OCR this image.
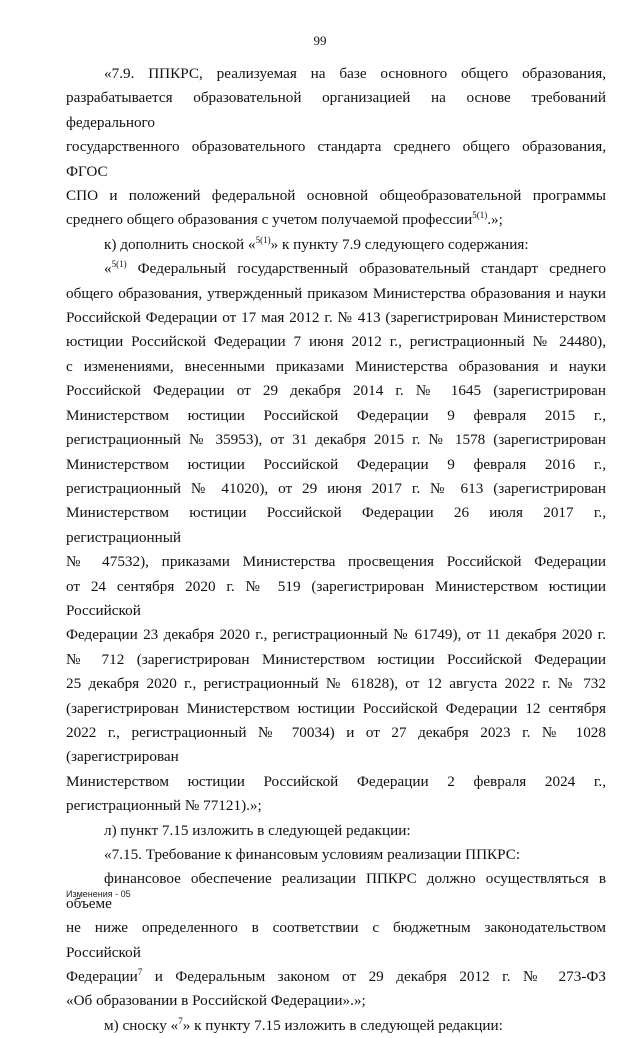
99

«7.9. ППКРС, реализуемая на базе основного общего образования,

разрабатывается образовательной организацией на основе требований федерального

государственного образовательного стандарта среднего общего образования, ФГОС

СПО и положений федеральной основной общеобразовательной программы

среднего общего образования с учетом получаемой профессии$^{5(1)}$.»;

к) дополнить сноской «$^{5(1)}$» к пункту 7.9 следующего содержания:

«$^{5(1)}$ Федеральный государственный образовательный стандарт среднего

общего образования, утвержденный приказом Министерства образования и науки

Российской Федерации от 17 мая 2012 г. № 413 (зарегистрирован Министерством

юстиции Российской Федерации 7 июня 2012 г., регистрационный № 24480),

с изменениями, внесенными приказами Министерства образования и науки

Российской Федерации от 29 декабря 2014 г. № 1645 (зарегистрирован

Министерством юстиции Российской Федерации 9 февраля 2015 г.,

регистрационный № 35953), от 31 декабря 2015 г. № 1578 (зарегистрирован

Министерством юстиции Российской Федерации 9 февраля 2016 г.,

регистрационный № 41020), от 29 июня 2017 г. № 613 (зарегистрирован

Министерством юстиции Российской Федерации 26 июля 2017 г., регистрационный

№ 47532), приказами Министерства просвещения Российской Федерации

от 24 сентября 2020 г. № 519 (зарегистрирован Министерством юстиции Российской

Федерации 23 декабря 2020 г., регистрационный № 61749), от 11 декабря 2020 г.

№ 712 (зарегистрирован Министерством юстиции Российской Федерации

25 декабря 2020 г., регистрационный № 61828), от 12 августа 2022 г. № 732

(зарегистрирован Министерством юстиции Российской Федерации 12 сентября

2022 г., регистрационный № 70034) и от 27 декабря 2023 г. № 1028 (зарегистрирован

Министерством юстиции Российской Федерации 2 февраля 2024 г.,

регистрационный № 77121).»;

л) пункт 7.15 изложить в следующей редакции:

«7.15. Требование к финансовым условиям реализации ППКРС:

финансовое обеспечение реализации ППКРС должно осуществляться в объеме

не ниже определенного в соответствии с бюджетным законодательством Российской

Федерации$^7$ и Федеральным законом от 29 декабря 2012 г. № 273-ФЗ

«Об образовании в Российской Федерации».»;

м) сноску «$^7$» к пункту 7.15 изложить в следующей редакции:

Изменения - 05
